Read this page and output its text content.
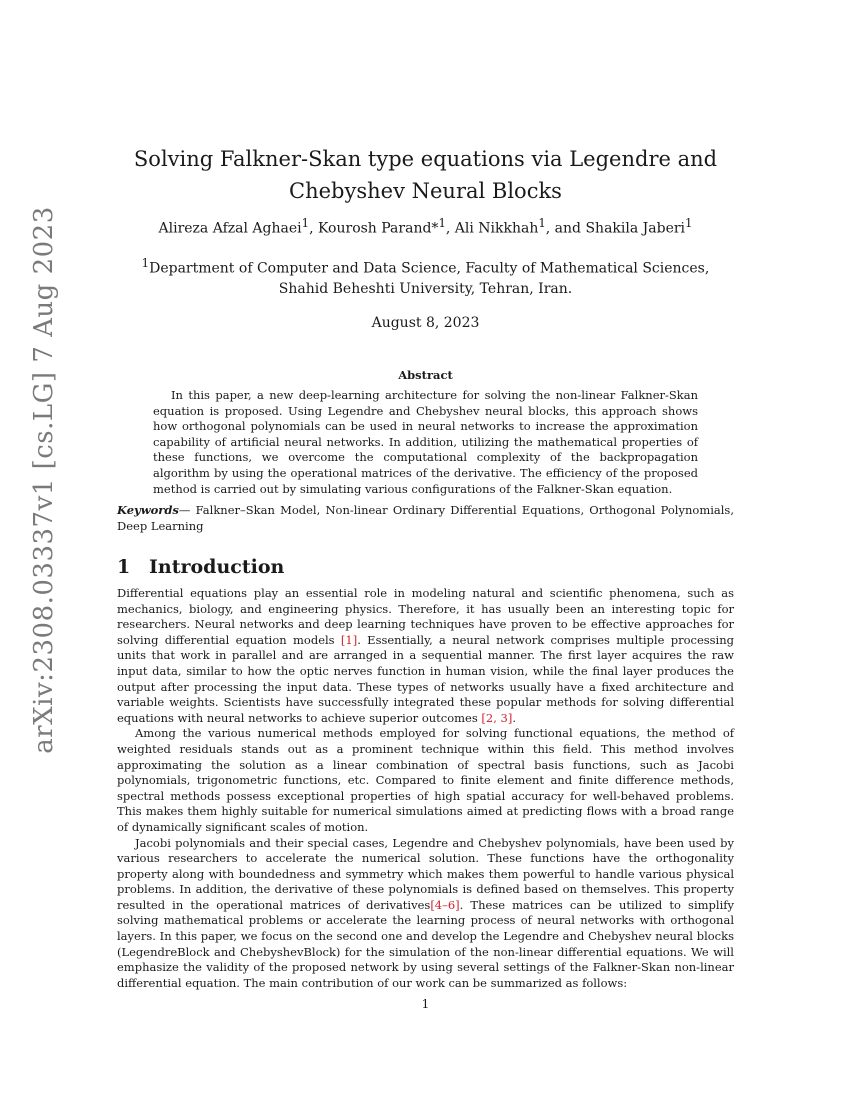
arXiv:2308.03337v1 [cs.LG] 7 Aug 2023
Solving Falkner-Skan type equations via Legendre and
Chebyshev Neural Blocks
Alireza Afzal Aghaei$^1$, Kourosh Parand*$^1$, Ali Nikkhah$^1$, and Shakila Jaberi$^1$
$^1$Department of Computer and Data Science, Faculty of Mathematical Sciences,
Shahid Beheshti University, Tehran, Iran.
August 8, 2023
Abstract
In this paper, a new deep-learning architecture for solving the non-linear Falkner-Skan equation is proposed. Using Legendre and Chebyshev neural blocks, this approach shows how orthogonal polynomials can be used in neural networks to increase the approximation capability of artificial neural networks. In addition, utilizing the mathematical properties of these functions, we overcome the computational complexity of the backpropagation algorithm by using the operational matrices of the derivative. The efficiency of the proposed method is carried out by simulating various configurations of the Falkner-Skan equation.
Keywords— Falkner–Skan Model, Non-linear Ordinary Differential Equations, Orthogonal Polynomials, Deep Learning
1 Introduction

Differential equations play an essential role in modeling natural and scientific phenomena, such as mechanics, biology, and engineering physics. Therefore, it has usually been an interesting topic for researchers. Neural networks and deep learning techniques have proven to be effective approaches for solving differential equation models [1]. Essentially, a neural network comprises multiple processing units that work in parallel and are arranged in a sequential manner. The first layer acquires the raw input data, similar to how the optic nerves function in human vision, while the final layer produces the output after processing the input data. These types of networks usually have a fixed architecture and variable weights. Scientists have successfully integrated these popular methods for solving differential equations with neural networks to achieve superior outcomes [2, 3].

Among the various numerical methods employed for solving functional equations, the method of weighted residuals stands out as a prominent technique within this field. This method involves approximating the solution as a linear combination of spectral basis functions, such as Jacobi polynomials, trigonometric functions, etc. Compared to finite element and finite difference methods, spectral methods possess exceptional properties of high spatial accuracy for well-behaved problems. This makes them highly suitable for numerical simulations aimed at predicting flows with a broad range of dynamically significant scales of motion.

Jacobi polynomials and their special cases, Legendre and Chebyshev polynomials, have been used by various researchers to accelerate the numerical solution. These functions have the orthogonality property along with boundedness and symmetry which makes them powerful to handle various physical problems. In addition, the derivative of these polynomials is defined based on themselves. This property resulted in the operational matrices of derivatives[4–6]. These matrices can be utilized to simplify solving mathematical problems or accelerate the learning process of neural networks with orthogonal layers. In this paper, we focus on the second one and develop the Legendre and Chebyshev neural blocks (LegendreBlock and ChebyshevBlock) for the simulation of the non-linear differential equations. We will emphasize the validity of the proposed network by using several settings of the Falkner-Skan non-linear differential equation. The main contribution of our work can be summarized as follows:

1
